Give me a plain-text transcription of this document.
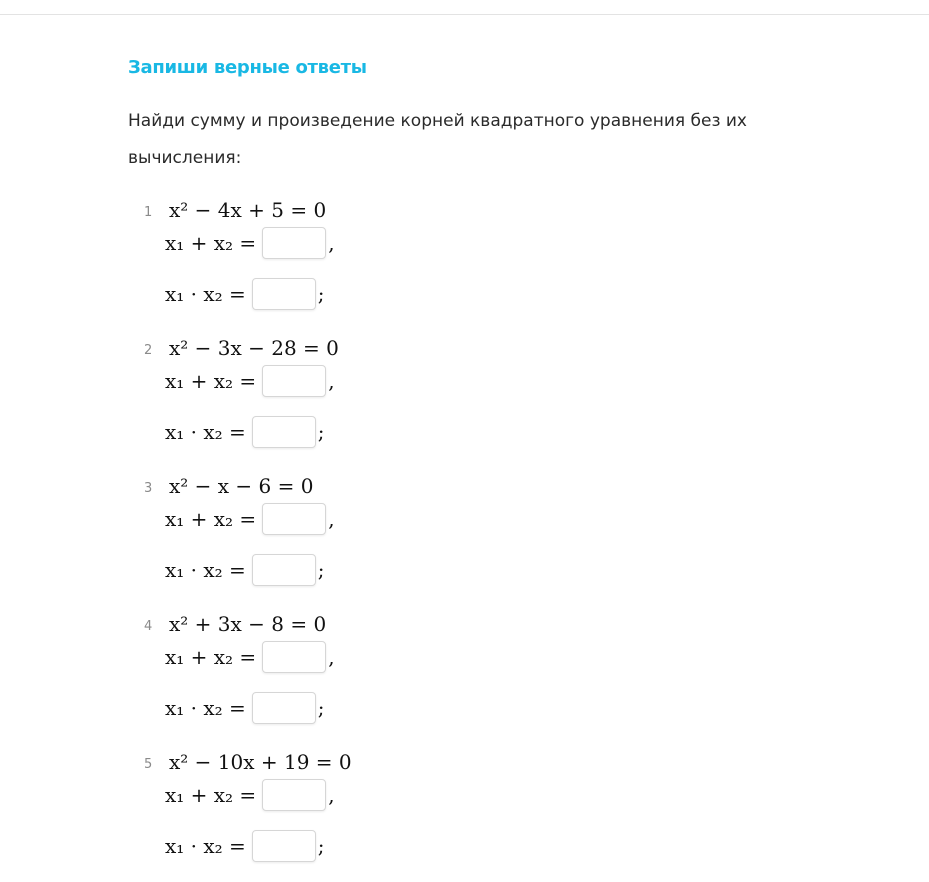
Запиши верные ответы
Найди сумму и произведение корней квадратного уравнения без их вычисления:
1 x² − 4x + 5 = 0
x₁ + x₂ =	,
x₁ · x₂ =	;
2 x² − 3x − 28 = 0
x₁ + x₂ =	,
x₁ · x₂ =	;
3 x² − x − 6 = 0
x₁ + x₂ =	,
x₁ · x₂ =	;
4 x² + 3x − 8 = 0
x₁ + x₂ =	,
x₁ · x₂ =	;
5 x² − 10x + 19 = 0
x₁ + x₂ =	,
x₁ · x₂ =	;
